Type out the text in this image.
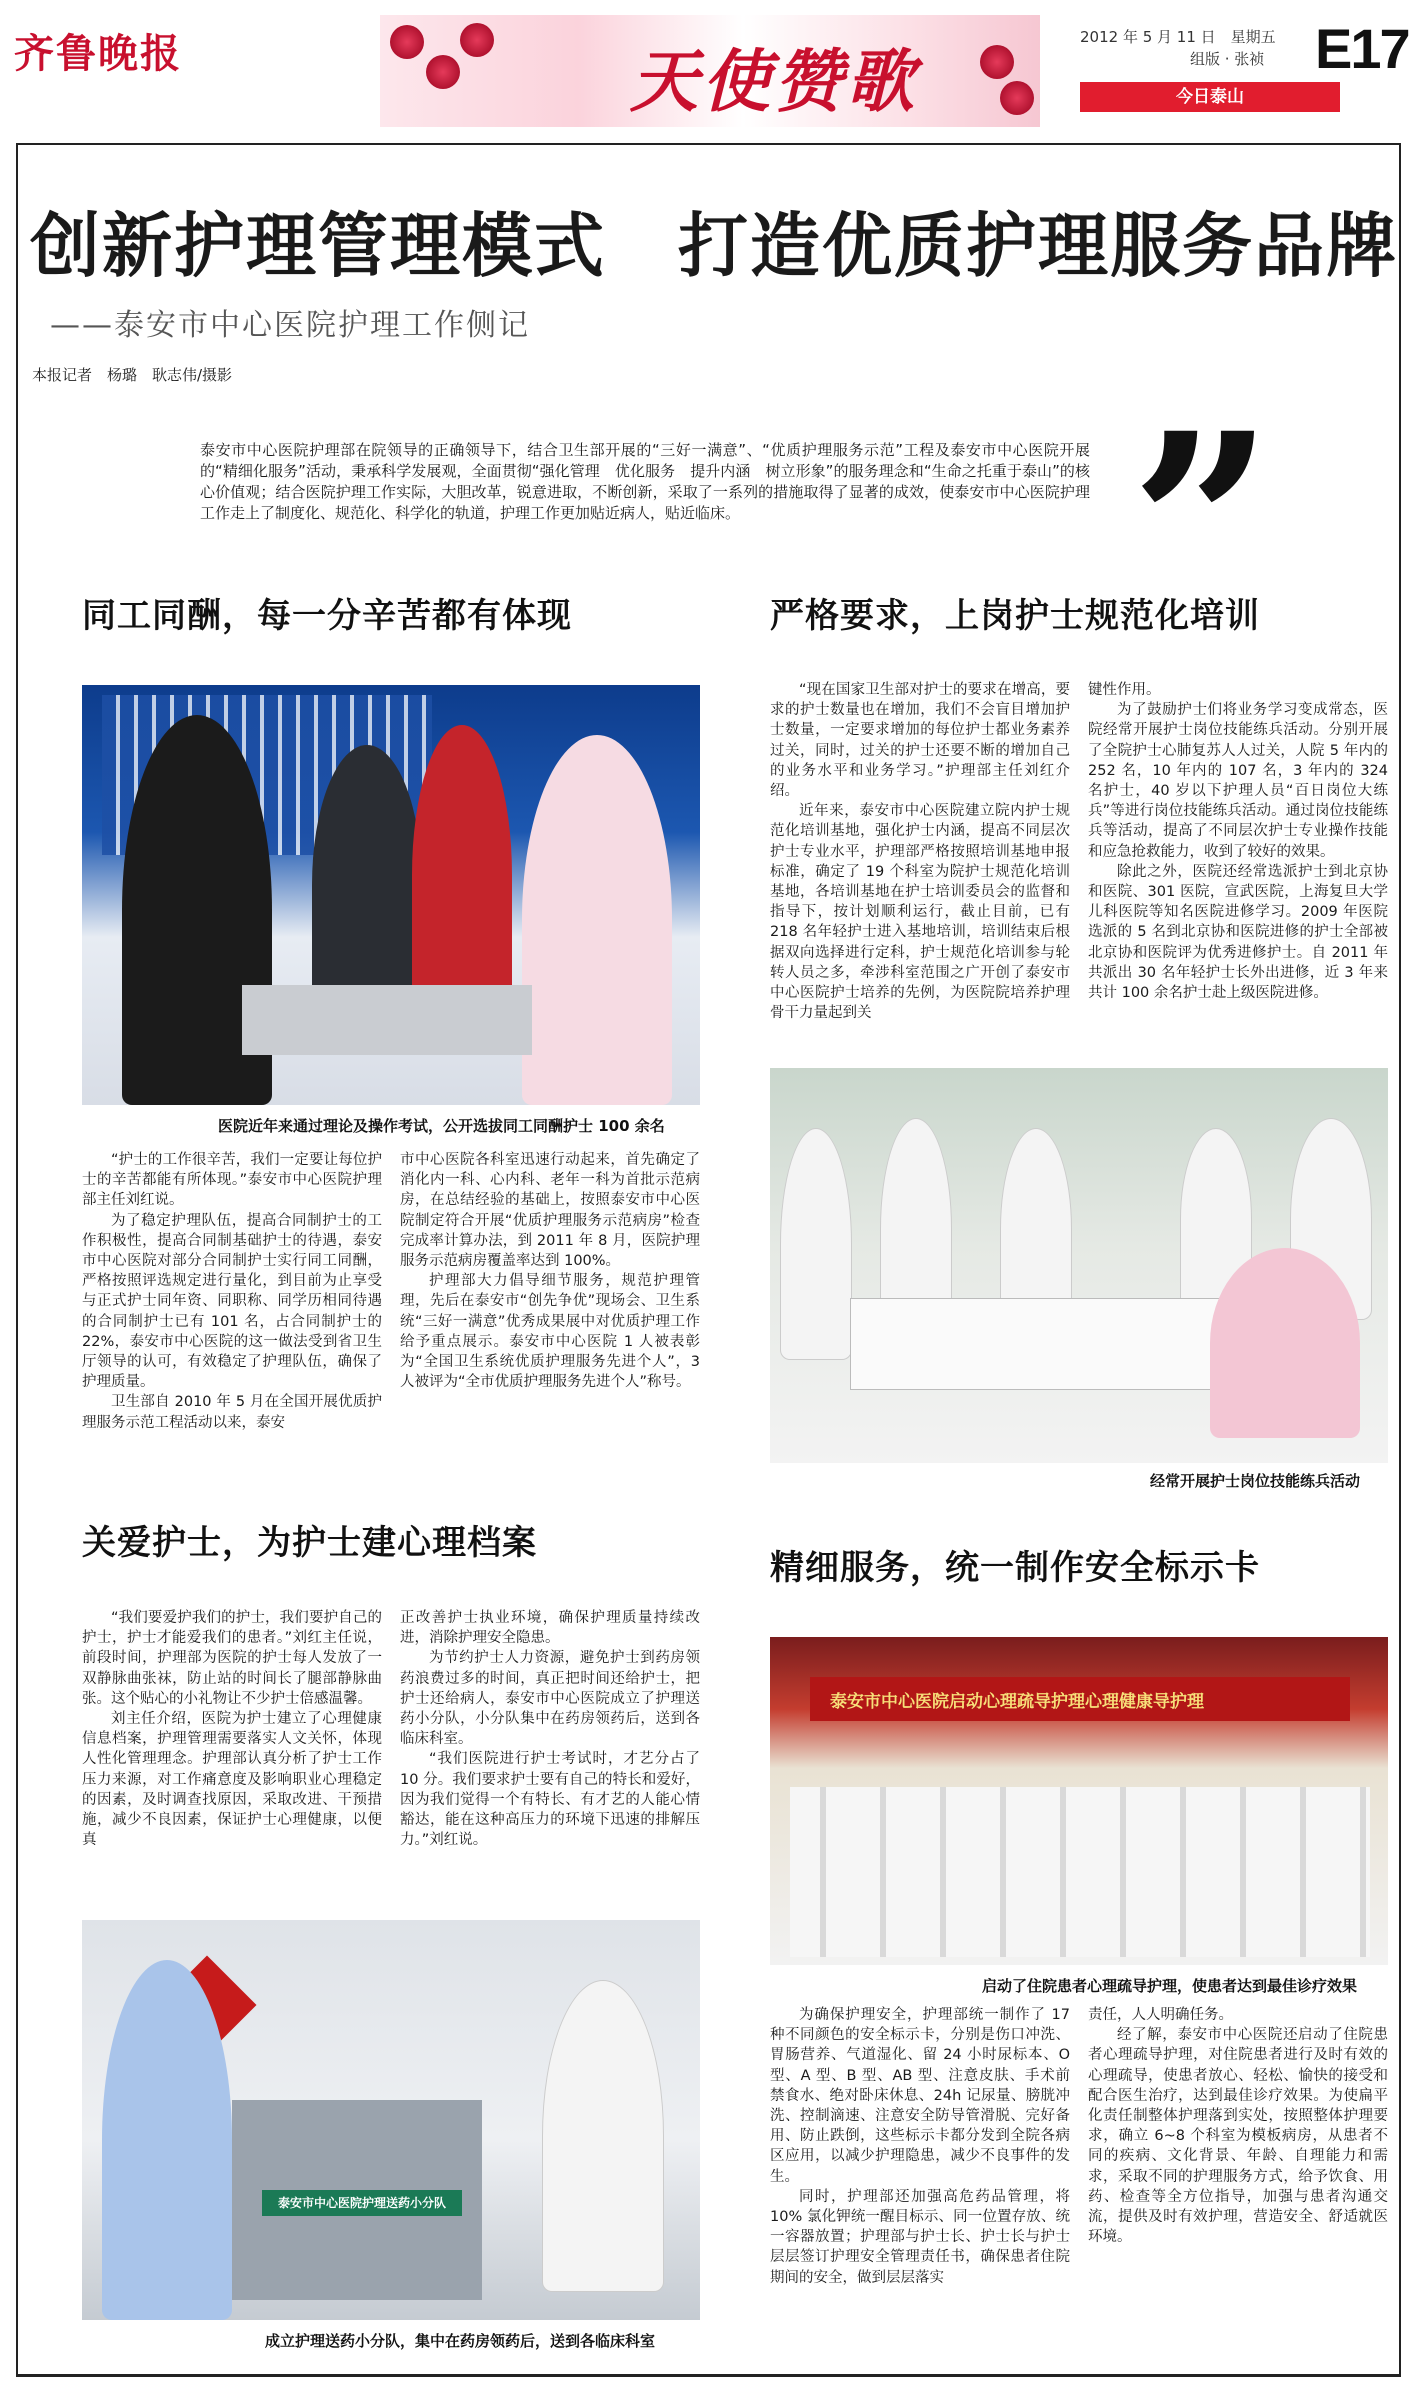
齐鲁晚报	天使赞歌
2012 年 5 月 11 日　星期五
组版 · 张祯 E17
今日泰山
创新护理管理模式　打造优质护理服务品牌
——泰安市中心医院护理工作侧记
本报记者　杨璐　耿志伟/摄影
泰安市中心医院护理部在院领导的正确领导下，结合卫生部开展的“三好一满意”、“优质护理服务示范”工程及泰安市中心医院开展的“精细化服务”活动，秉承科学发展观，全面贯彻“强化管理　优化服务　提升内涵　树立形象”的服务理念和“生命之托重于泰山”的核心价值观；结合医院护理工作实际，大胆改革，锐意进取，不断创新，采取了一系列的措施取得了显著的成效，使泰安市中心医院护理工作走上了制度化、规范化、科学化的轨道，护理工作更加贴近病人，贴近临床。	”
同工同酬，每一分辛苦都有体现
医院近年来通过理论及操作考试，公开选拔同工同酬护士 100 余名

“护士的工作很辛苦，我们一定要让每位护士的辛苦都能有所体现。”泰安市中心医院护理部主任刘红说。

为了稳定护理队伍，提高合同制护士的工作积极性，提高合同制基础护士的待遇，泰安市中心医院对部分合同制护士实行同工同酬，严格按照评选规定进行量化，到目前为止享受与正式护士同年资、同职称、同学历相同待遇的合同制护士已有 101 名，占合同制护士的 22%，泰安市中心医院的这一做法受到省卫生厅领导的认可，有效稳定了护理队伍，确保了护理质量。

卫生部自 2010 年 5 月在全国开展优质护理服务示范工程活动以来，泰安

市中心医院各科室迅速行动起来，首先确定了消化内一科、心内科、老年一科为首批示范病房，在总结经验的基础上，按照泰安市中心医院制定符合开展“优质护理服务示范病房”检查完成率计算办法，到 2011 年 8 月，医院护理服务示范病房覆盖率达到 100%。

护理部大力倡导细节服务，规范护理管理，先后在泰安市“创先争优”现场会、卫生系统“三好一满意”优秀成果展中对优质护理工作给予重点展示。泰安市中心医院 1 人被表彰为“全国卫生系统优质护理服务先进个人”，3 人被评为“全市优质护理服务先进个人”称号。

严格要求，上岗护士规范化培训

“现在国家卫生部对护士的要求在增高，要求的护士数量也在增加，我们不会盲目增加护士数量，一定要求增加的每位护士都业务素养过关，同时，过关的护士还要不断的增加自己的业务水平和业务学习。”护理部主任刘红介绍。

近年来，泰安市中心医院建立院内护士规范化培训基地，强化护士内涵，提高不同层次护士专业水平，护理部严格按照培训基地申报标准，确定了 19 个科室为院护士规范化培训基地，各培训基地在护士培训委员会的监督和指导下，按计划顺利运行，截止目前，已有 218 名年轻护士进入基地培训，培训结束后根据双向选择进行定科，护士规范化培训参与轮转人员之多，牵涉科室范围之广开创了泰安市中心医院护士培养的先例，为医院院培养护理骨干力量起到关

键性作用。

为了鼓励护士们将业务学习变成常态，医院经常开展护士岗位技能练兵活动。分别开展了全院护士心肺复苏人人过关，人院 5 年内的 252 名，10 年内的 107 名，3 年内的 324 名护士，40 岁以下护理人员“百日岗位大练兵”等进行岗位技能练兵活动。通过岗位技能练兵等活动，提高了不同层次护士专业操作技能和应急抢救能力，收到了较好的效果。

除此之外，医院还经常选派护士到北京协和医院、301 医院，宣武医院，上海复旦大学儿科医院等知名医院进修学习。2009 年医院选派的 5 名到北京协和医院进修的护士全部被北京协和医院评为优秀进修护士。自 2011 年共派出 30 名年轻护士长外出进修，近 3 年来共计 100 余名护士赴上级医院进修。

经常开展护士岗位技能练兵活动
关爱护士，为护士建心理档案

“我们要爱护我们的护士，我们要护自己的护士，护士才能爱我们的患者。”刘红主任说，前段时间，护理部为医院的护士每人发放了一双静脉曲张袜，防止站的时间长了腿部静脉曲张。这个贴心的小礼物让不少护士倍感温馨。

刘主任介绍，医院为护士建立了心理健康信息档案，护理管理需要落实人文关怀，体现人性化管理理念。护理部认真分析了护士工作压力来源，对工作痛意度及影响职业心理稳定的因素，及时调查找原因，采取改进、干预措施，减少不良因素，保证护士心理健康，以便真

正改善护士执业环境，确保护理质量持续改进，消除护理安全隐患。

为节约护士人力资源，避免护士到药房领药浪费过多的时间，真正把时间还给护士，把护士还给病人，泰安市中心医院成立了护理送药小分队，小分队集中在药房领药后，送到各临床科室。

“我们医院进行护士考试时，才艺分占了 10 分。我们要求护士要有自己的特长和爱好，因为我们觉得一个有特长、有才艺的人能心情豁达，能在这种高压力的环境下迅速的排解压力。”刘红说。

泰安市中心医院护理送药小分队
成立护理送药小分队，集中在药房领药后，送到各临床科室
精细服务，统一制作安全标示卡
泰安市中心医院启动心理疏导护理心理健康导护理
启动了住院患者心理疏导护理，使患者达到最佳诊疗效果

为确保护理安全，护理部统一制作了 17 种不同颜色的安全标示卡，分别是伤口冲洗、胃肠营养、气道湿化、留 24 小时尿标本、O 型、A 型、B 型、AB 型、注意皮肤、手术前禁食水、绝对卧床休息、24h 记尿量、膀胱冲洗、控制滴速、注意安全防导管滑脱、完好备用、防止跌倒，这些标示卡都分发到全院各病区应用，以减少护理隐患，减少不良事件的发生。

同时，护理部还加强高危药品管理，将 10% 氯化钾统一醒目标示、同一位置存放、统一容器放置；护理部与护士长、护士长与护士层层签订护理安全管理责任书，确保患者住院期间的安全，做到层层落实

责任，人人明确任务。

经了解，泰安市中心医院还启动了住院患者心理疏导护理，对住院患者进行及时有效的心理疏导，使患者放心、轻松、愉快的接受和配合医生治疗，达到最佳诊疗效果。为使扁平化责任制整体护理落到实处，按照整体护理要求，确立 6~8 个科室为模板病房，从患者不同的疾病、文化背景、年龄、自理能力和需求，采取不同的护理服务方式，给予饮食、用药、检查等全方位指导，加强与患者沟通交流，提供及时有效护理，营造安全、舒适就医环境。
